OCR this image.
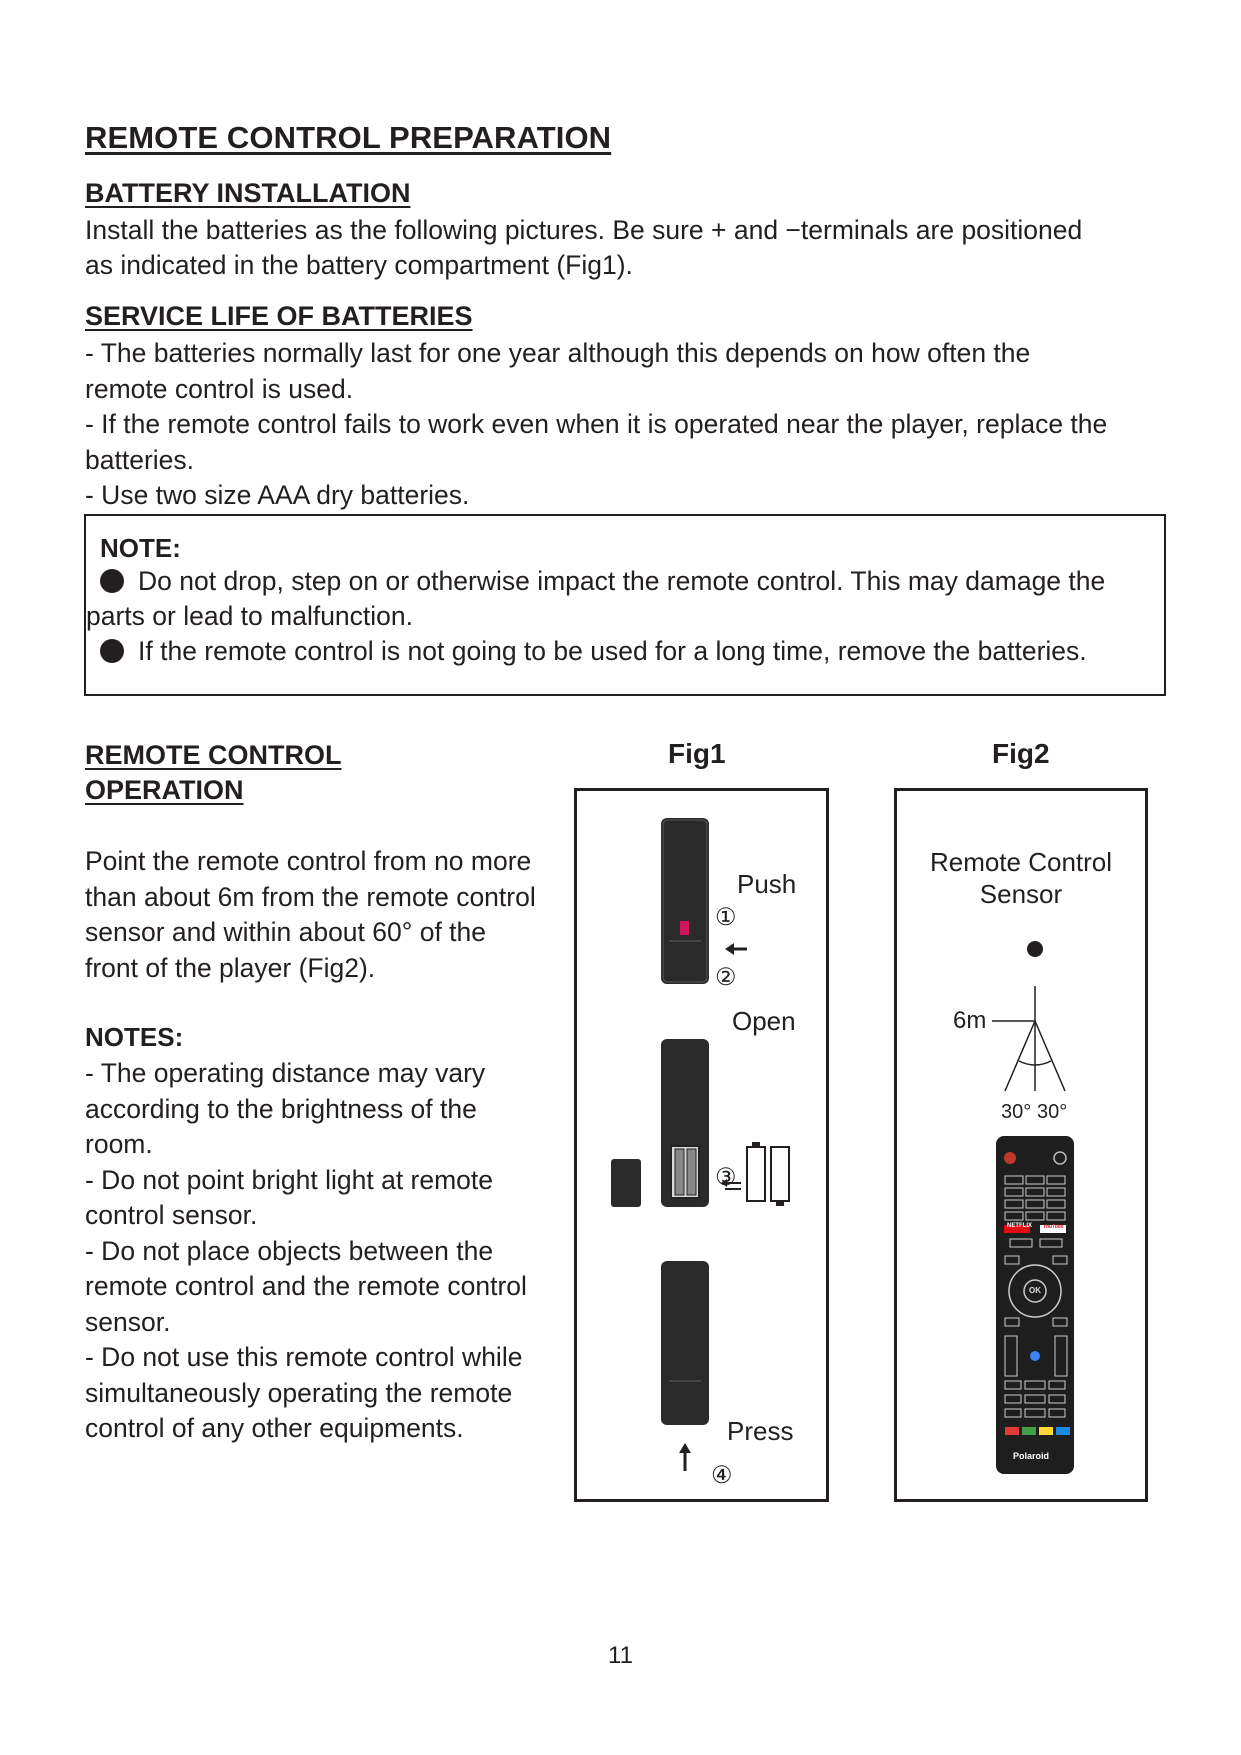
REMOTE CONTROL PREPARATION

BATTERY INSTALLATION

Install the batteries as the following pictures. Be sure + and −terminals are positioned

as indicated in the battery compartment (Fig1).

SERVICE LIFE OF BATTERIES

- The batteries normally last for one year although this depends on how often the

remote control is used.

- If the remote control fails to work even when it is operated near the player, replace the

batteries.

- Use two size AAA dry batteries.

NOTE:

Do not drop, step on or otherwise impact the remote control. This may damage the

parts or lead to malfunction.

If the remote control is not going to be used for a long time, remove the batteries.

REMOTE CONTROL

OPERATION

Point the remote control from no more

than about 6m from the remote control

sensor and within about 60° of the

front of the player (Fig2).

NOTES:

- The operating distance may vary

according to the brightness of the

room.

- Do not point bright light at remote

control sensor.

- Do not place objects between the

remote control and the remote control

sensor.

- Do not use this remote control while

simultaneously operating the remote

control of any other equipments.

Fig1

Push

①

②

Open

③

Press

④

Fig2

Remote Control

Sensor

6m

30° 30°

NETFLIX YouTube

OK

Polaroid

11
